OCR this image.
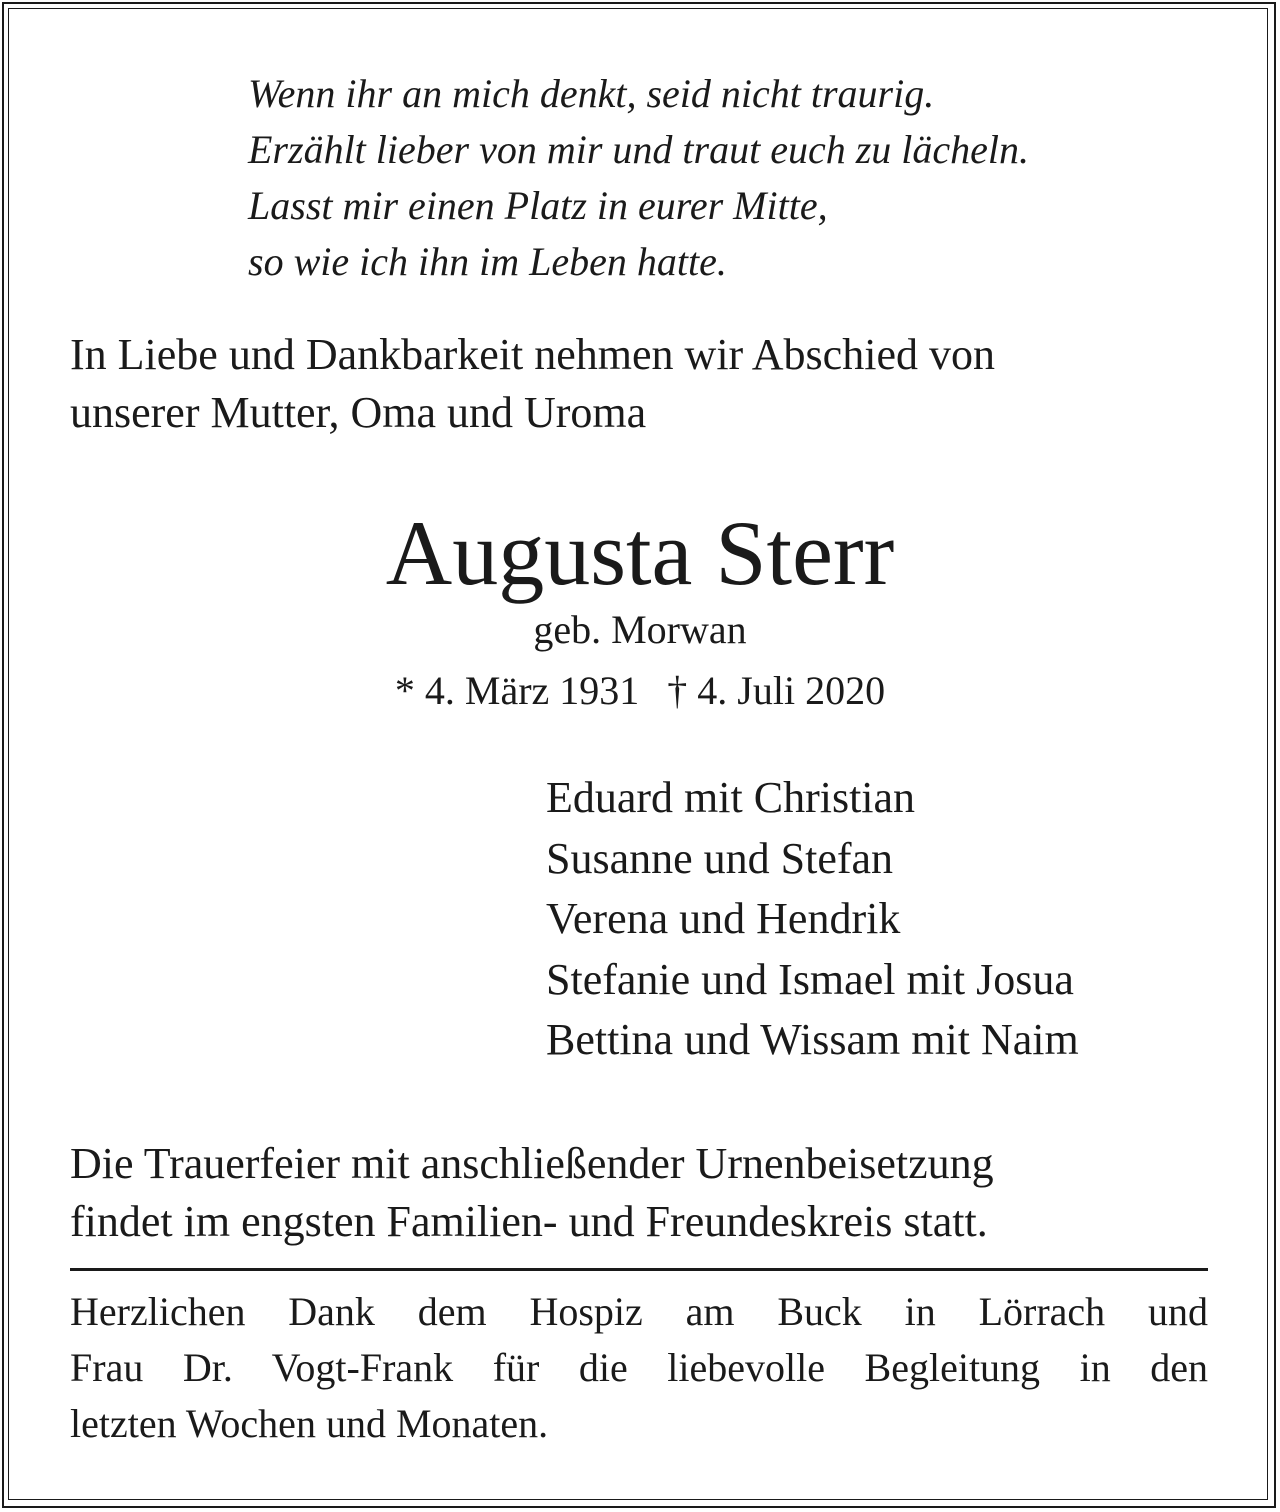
Wenn ihr an mich denkt, seid nicht traurig.
Erzählt lieber von mir und traut euch zu lächeln.
Lasst mir einen Platz in eurer Mitte,
so wie ich ihn im Leben hatte.
In Liebe und Dankbarkeit nehmen wir Abschied von
unserer Mutter, Oma und Uroma
Augusta Sterr
geb. Morwan
* 4. März 1931 † 4. Juli 2020
Eduard mit Christian
Susanne und Stefan
Verena und Hendrik
Stefanie und Ismael mit Josua
Bettina und Wissam mit Naim
Die Trauerfeier mit anschließender Urnenbeisetzung
findet im engsten Familien- und Freundeskreis statt.
Herzlichen Dank dem Hospiz am Buck in Lörrach und
Frau Dr. Vogt-Frank für die liebevolle Begleitung in den
letzten Wochen und Monaten.
